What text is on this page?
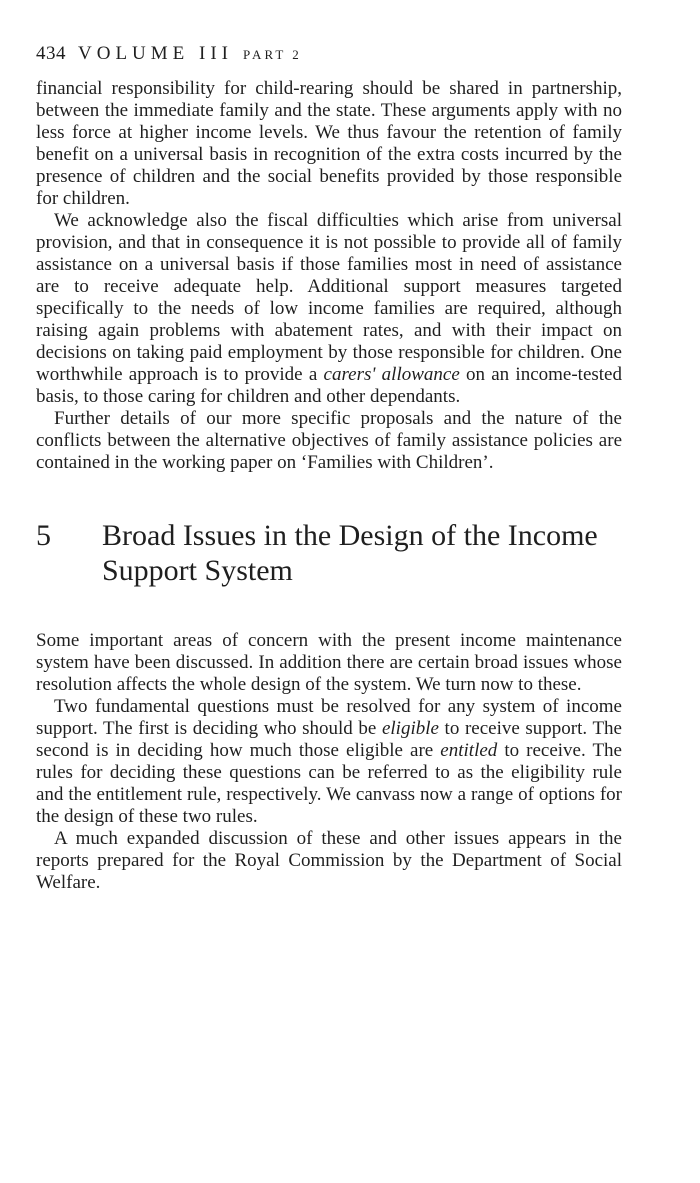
434 VOLUME III PART 2

financial responsibility for child-rearing should be shared in partnership, between the immediate family and the state. These arguments apply with no less force at higher income levels. We thus favour the retention of family benefit on a universal basis in recognition of the extra costs incurred by the presence of children and the social benefits provided by those responsible for children.

We acknowledge also the fiscal difficulties which arise from universal provision, and that in consequence it is not possible to provide all of family assistance on a universal basis if those families most in need of assistance are to receive adequate help. Additional support measures targeted specifically to the needs of low income families are required, although raising again problems with abatement rates, and with their impact on decisions on taking paid employment by those responsible for children. One worthwhile approach is to provide a carers' allowance on an income-tested basis, to those caring for children and other dependants.

Further details of our more specific proposals and the nature of the conflicts between the alternative objectives of family assistance policies are contained in the working paper on ‘Families with Children’.

5	Broad Issues in the Design of the Income Support System

Some important areas of concern with the present income maintenance system have been discussed. In addition there are certain broad issues whose resolution affects the whole design of the system. We turn now to these.

Two fundamental questions must be resolved for any system of income support. The first is deciding who should be eligible to receive support. The second is in deciding how much those eligible are entitled to receive. The rules for deciding these questions can be referred to as the eligibility rule and the entitlement rule, respectively. We canvass now a range of options for the design of these two rules.

A much expanded discussion of these and other issues appears in the reports prepared for the Royal Commission by the Department of Social Welfare.
